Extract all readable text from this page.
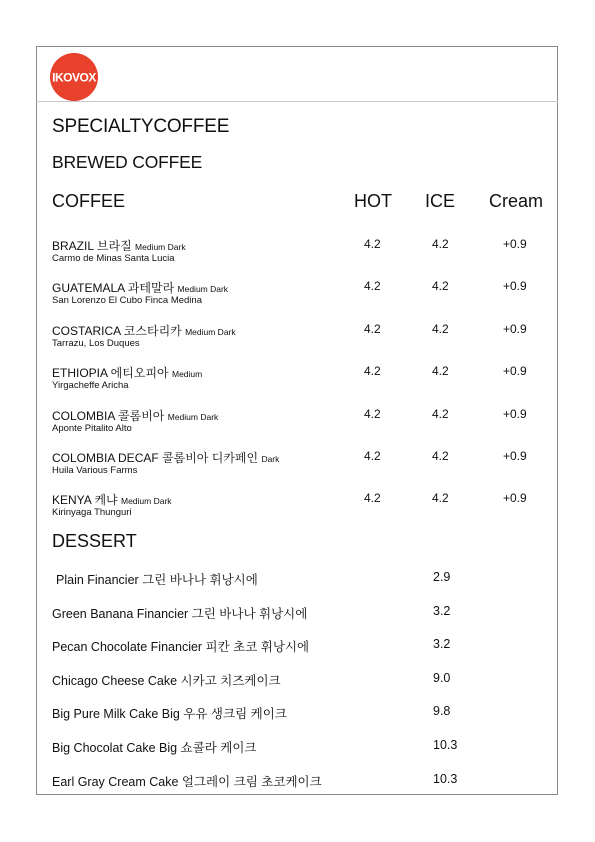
IKOVOX
SPECIALTYCOFFEE
BREWED COFFEE
COFFEE	HOT ICE Cream
BRAZIL 브라질 Medium Dark
Carmo de Minas Santa Lucia
4.2	4.2	+0.9
GUATEMALA 과테말라 Medium Dark
San Lorenzo El Cubo Finca Medina
4.2	4.2	+0.9
COSTARICA 코스타리카 Medium Dark
Tarrazu, Los Duques
4.2	4.2	+0.9
ETHIOPIA 에티오피아 Medium
Yirgacheffe Aricha
4.2	4.2	+0.9
COLOMBIA 콜롬비아 Medium Dark
Aponte Pitalito Alto
4.2	4.2	+0.9
COLOMBIA DECAF 콜롬비아 디카페인 Dark
Huila Various Farms
4.2	4.2	+0.9
KENYA 케냐 Medium Dark
Kirinyaga Thunguri
4.2	4.2	+0.9
DESSERT
Plain Financier 그린 바나나 휘낭시에	2.9
Green Banana Financier 그린 바나나 휘낭시에	3.2
Pecan Chocolate Financier 피칸 초코 휘낭시에	3.2
Chicago Cheese Cake 시카고 치즈케이크	9.0
Big Pure Milk Cake Big 우유 생크림 케이크	9.8
Big Chocolat Cake Big 쇼콜라 케이크	10.3
Earl Gray Cream Cake 얼그레이 크림 초코케이크	10.3
